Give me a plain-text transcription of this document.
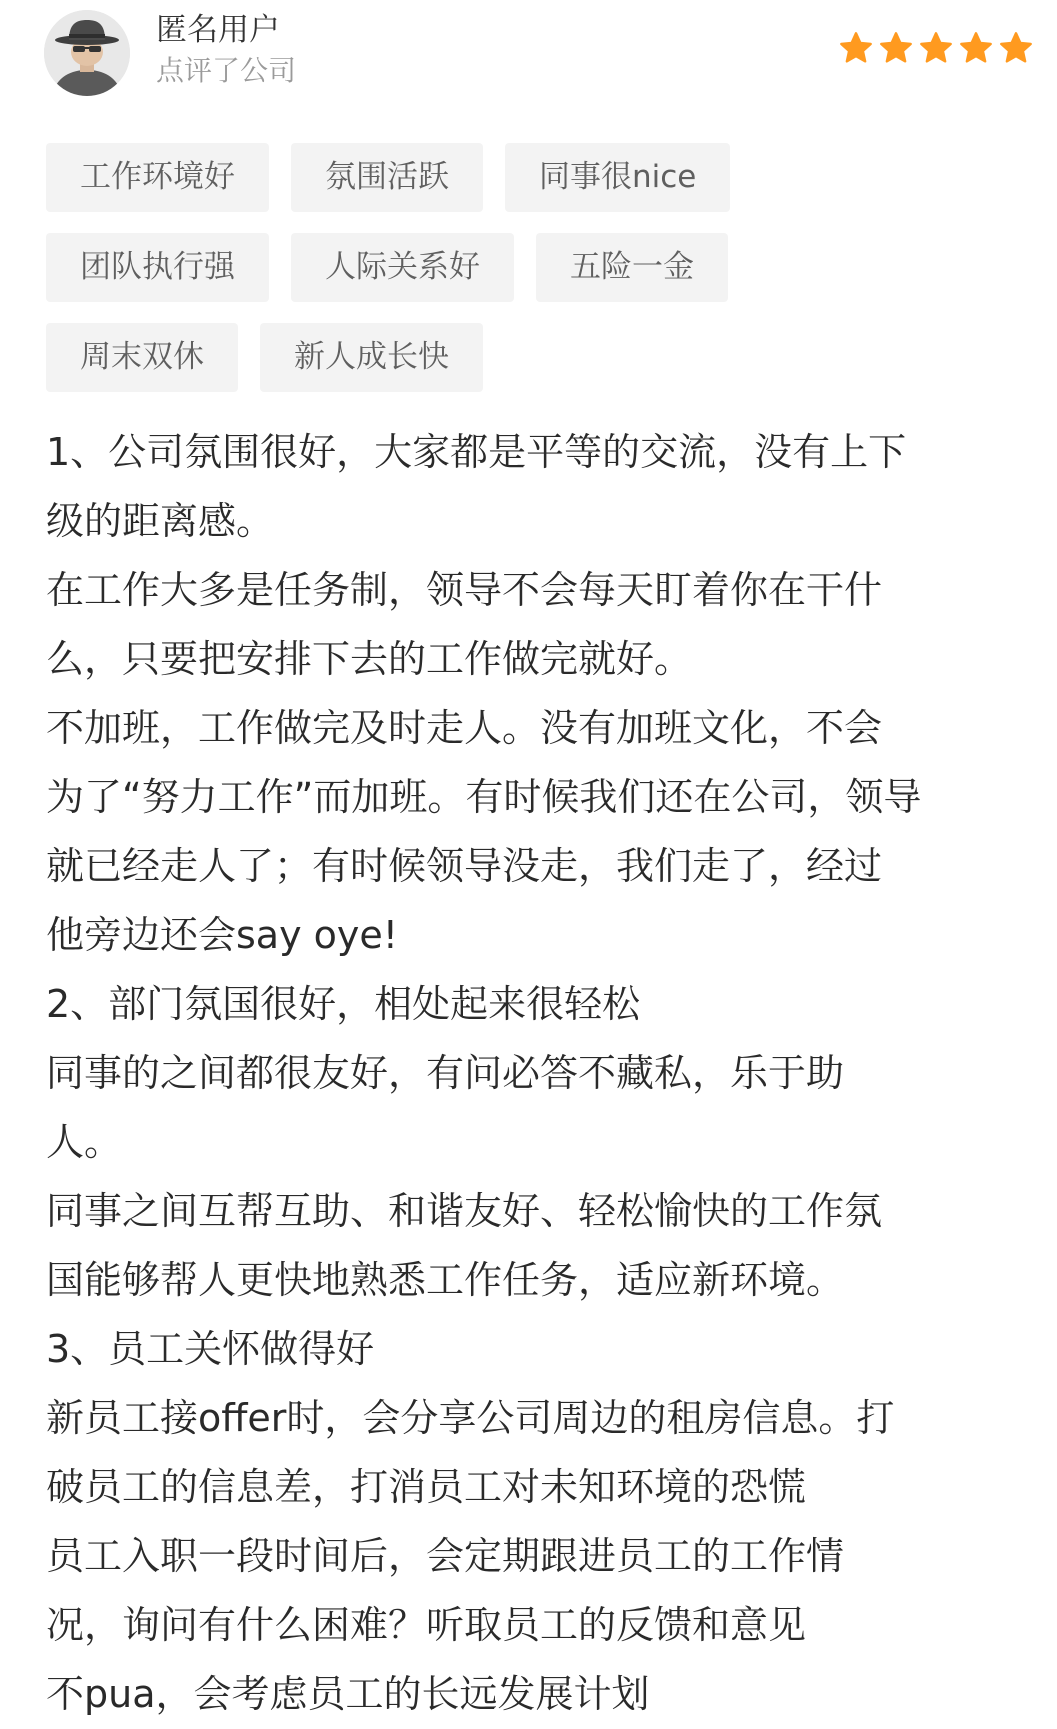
匿名用户
点评了公司
工作环境好	氛围活跃	同事很nice
团队执行强	人际关系好	五险一金
周末双休	新人成长快
1、公司氛围很好，大家都是平等的交流，没有上下
级的距离感。
在工作大多是任务制，领导不会每天盯着你在干什
么，只要把安排下去的工作做完就好。
不加班，工作做完及时走人。没有加班文化，不会
为了“努力工作”而加班。有时候我们还在公司，领导
就已经走人了；有时候领导没走，我们走了，经过
他旁边还会say oye!
2、部门氛国很好，相处起来很轻松
同事的之间都很友好，有问必答不藏私，乐于助
人。
同事之间互帮互助、和谐友好、轻松愉快的工作氛
国能够帮人更快地熟悉工作任务，适应新环境。
3、员工关怀做得好
新员工接offer时，会分享公司周边的租房信息。打
破员工的信息差，打消员工对未知环境的恐慌
员工入职一段时间后，会定期跟进员工的工作情
况，询问有什么困难？听取员工的反馈和意见
不pua，会考虑员工的长远发展计划
